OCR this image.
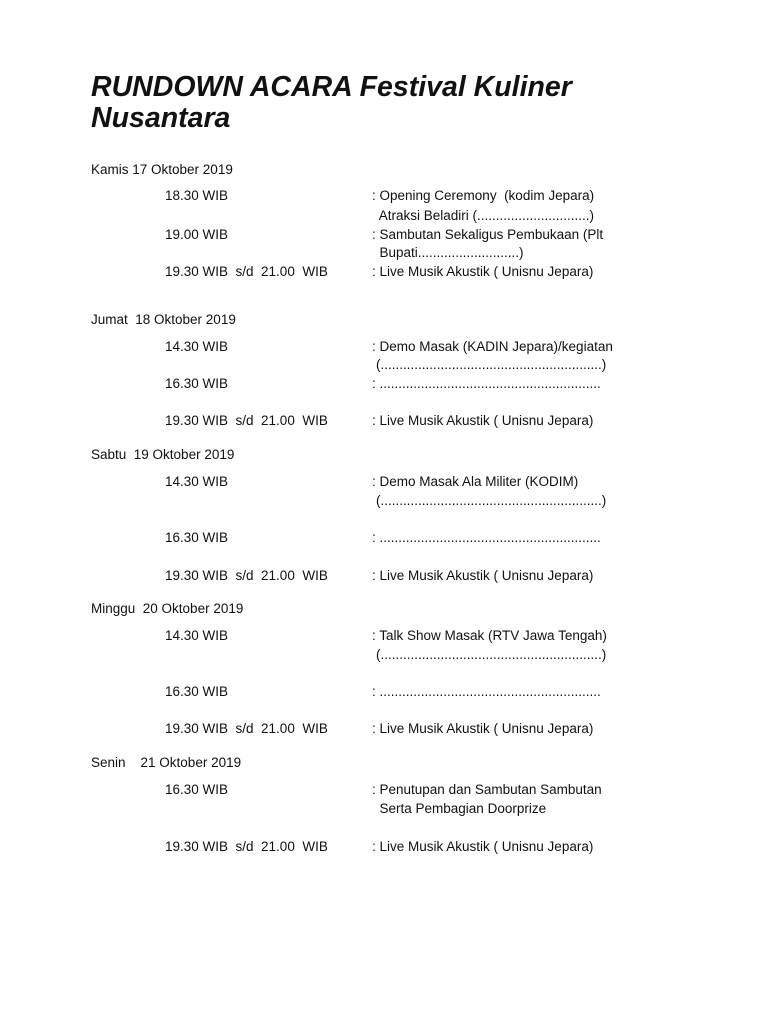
RUNDOWN ACARA Festival Kuliner Nusantara
Kamis 17 Oktober 2019
18.30 WIB	: Opening Ceremony  (kodim Jepara)
Atraksi Beladiri (..............................)
19.00 WIB	: Sambutan Sekaligus Pembukaan (Plt
Bupati...........................)
19.30 WIB  s/d  21.00  WIB	: Live Musik Akustik ( Unisnu Jepara)
Jumat  18 Oktober 2019
14.30 WIB	: Demo Masak (KADIN Jepara)/kegiatan
(...........................................................)
16.30 WIB	: ...........................................................
19.30 WIB  s/d  21.00  WIB	: Live Musik Akustik ( Unisnu Jepara)
Sabtu  19 Oktober 2019
14.30 WIB	: Demo Masak Ala Militer (KODIM)
(...........................................................)
16.30 WIB	: ...........................................................
19.30 WIB  s/d  21.00  WIB	: Live Musik Akustik ( Unisnu Jepara)
Minggu  20 Oktober 2019
14.30 WIB	: Talk Show Masak (RTV Jawa Tengah)
(...........................................................)
16.30 WIB	: ...........................................................
19.30 WIB  s/d  21.00  WIB	: Live Musik Akustik ( Unisnu Jepara)
Senin    21 Oktober 2019
16.30 WIB	: Penutupan dan Sambutan Sambutan
Serta Pembagian Doorprize
19.30 WIB  s/d  21.00  WIB	: Live Musik Akustik ( Unisnu Jepara)
